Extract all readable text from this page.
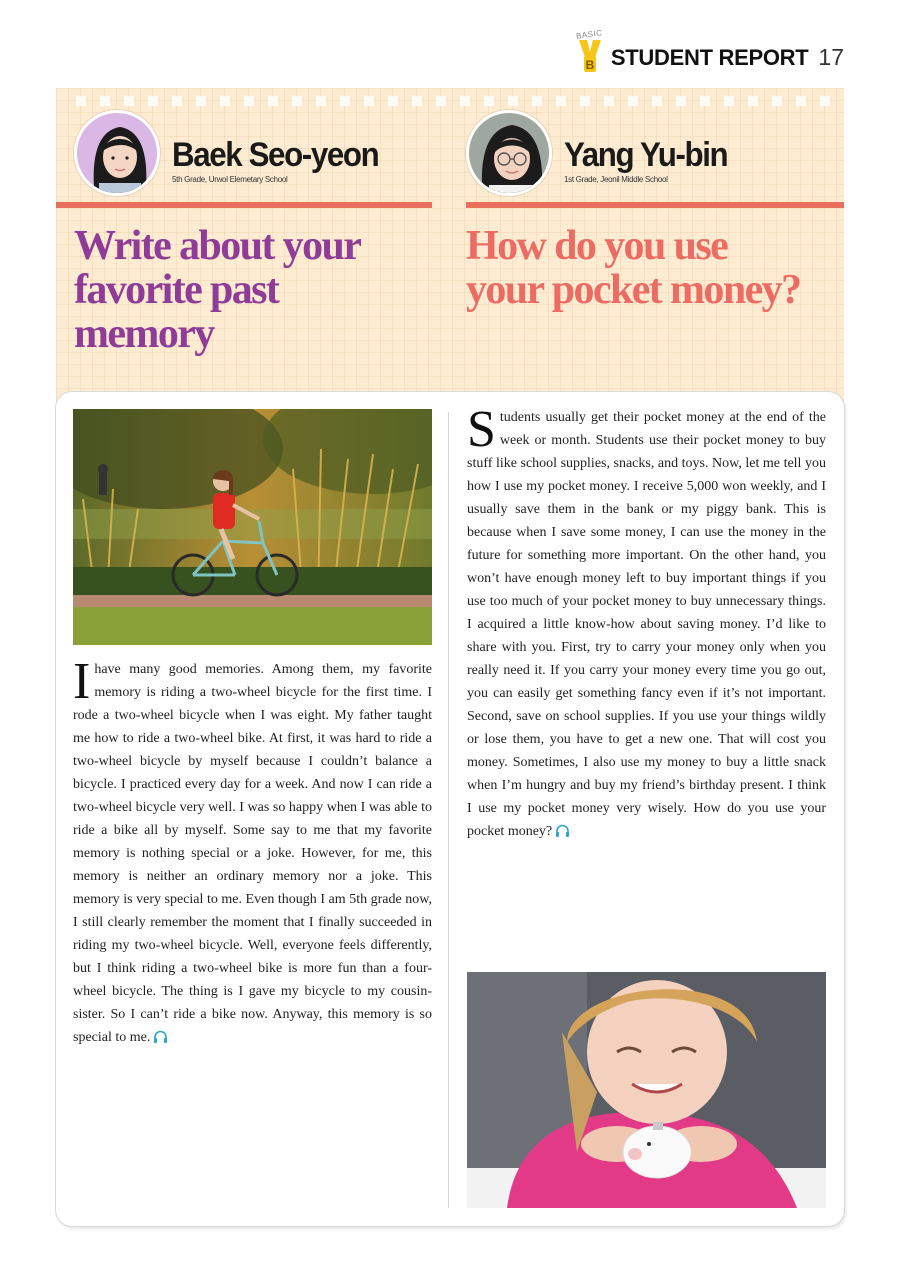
BASIC
B STUDENT REPORT 17
Baek Seo-yeon
5th Grade, Urwol Elemetary School
Yang Yu-bin
1st Grade, Jeonil Middle School
Write about your
favorite past
memory
How do you use
your pocket money?
Ihave many good memories. Among them, my favorite memory is riding a two-wheel bicycle for the first time. I rode a two-wheel bicycle when I was eight. My father taught me how to ride a two-wheel bike. At first, it was hard to ride a two-wheel bicycle by myself because I couldn’t balance a bicycle. I practiced every day for a week. And now I can ride a two-wheel bicycle very well. I was so happy when I was able to ride a bike all by myself. Some say to me that my favorite memory is nothing special or a joke. However, for me, this memory is neither an ordinary memory nor a joke. This memory is very special to me. Even though I am 5th grade now, I still clearly remember the moment that I finally succeeded in riding my two-wheel bicycle. Well, everyone feels differently, but I think riding a two-wheel bike is more fun than a four-wheel bicycle. The thing is I gave my bicycle to my cousin- sister. So I can’t ride a bike now. Anyway, this memory is so special to me.
Students usually get their pocket money at the end of the week or month. Students use their pocket money to buy stuff like school supplies, snacks, and toys. Now, let me tell you how I use my pocket money. I receive 5,000 won weekly, and I usually save them in the bank or my piggy bank. This is because when I save some money, I can use the money in the future for something more important. On the other hand, you won’t have enough money left to buy important things if you use too much of your pocket money to buy unnecessary things. I acquired a little know-how about saving money. I’d like to share with you. First, try to carry your money only when you really need it. If you carry your money every time you go out, you can easily get something fancy even if it’s not important. Second, save on school supplies. If you use your things wildly or lose them, you have to get a new one. That will cost you money. Sometimes, I also use my money to buy a little snack when I’m hungry and buy my friend’s birthday present. I think I use my pocket money very wisely. How do you use your pocket money?
